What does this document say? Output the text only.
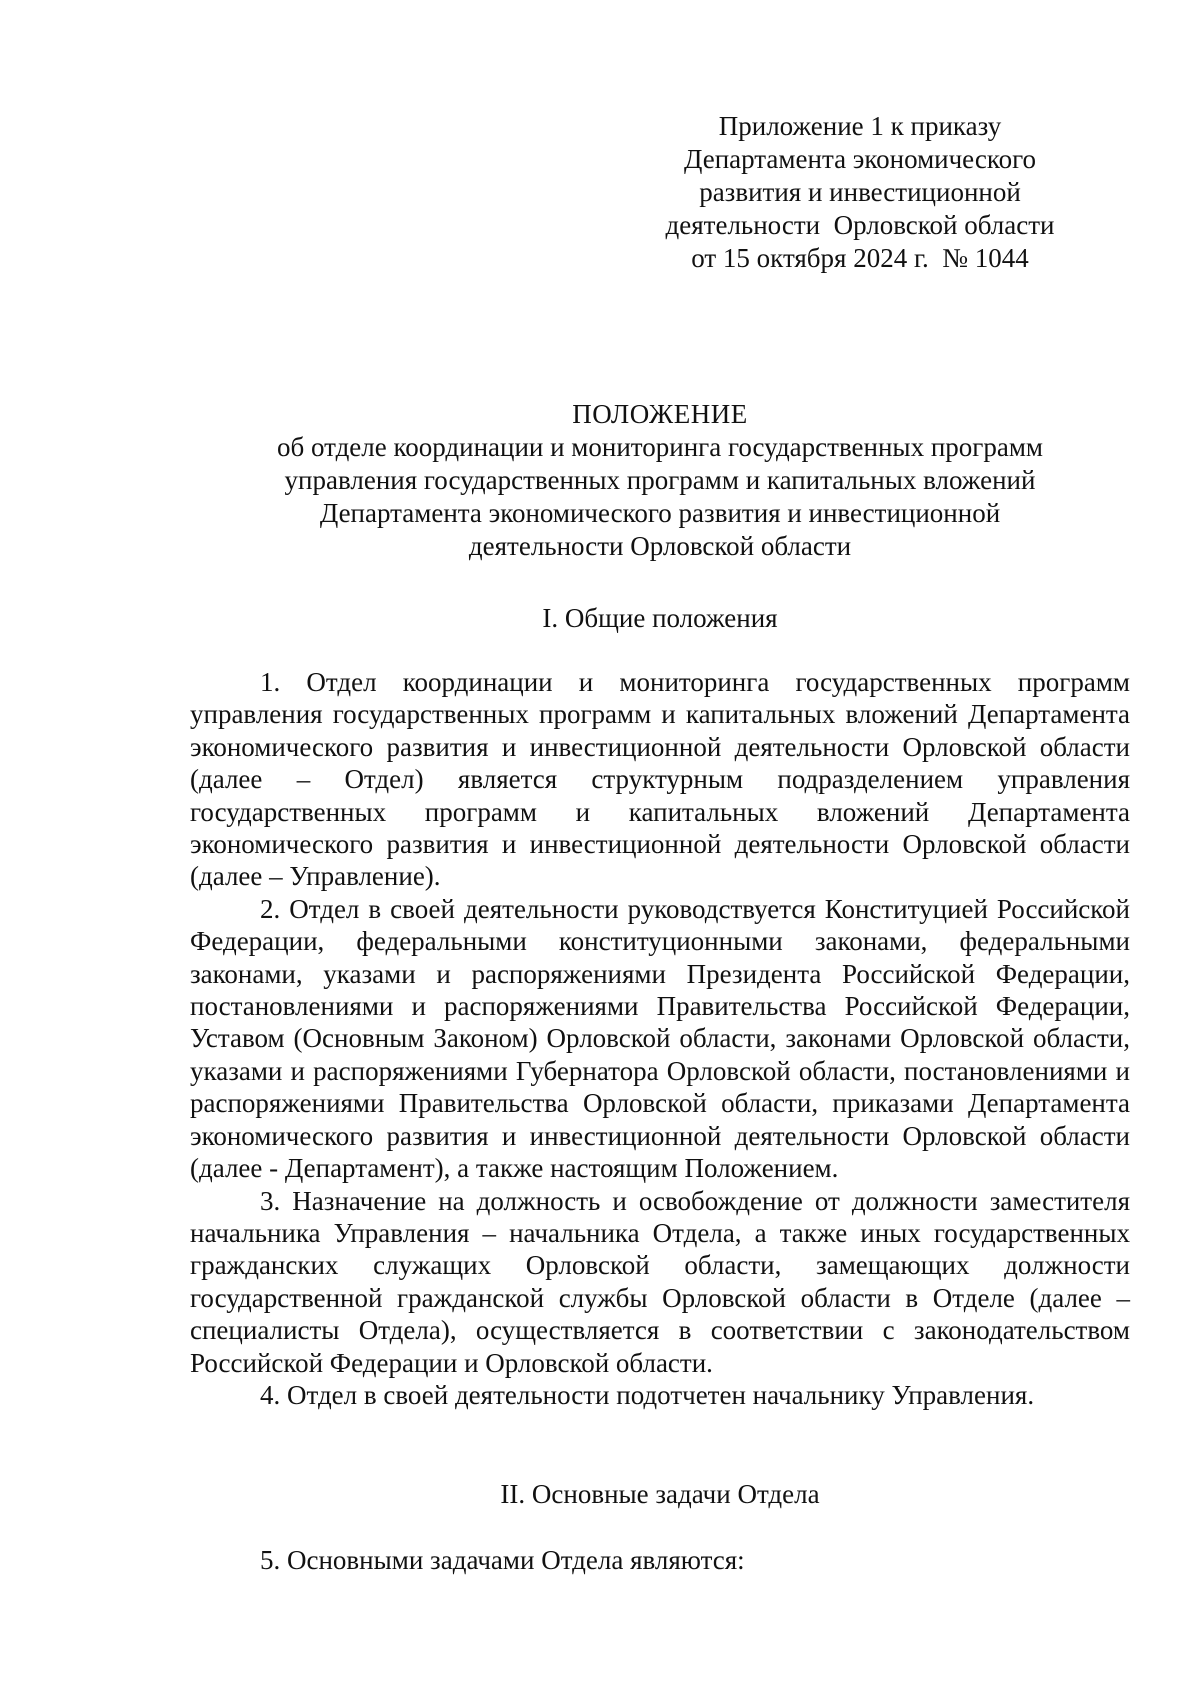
Приложение 1 к приказу
Департамента экономического
развития и инвестиционной
деятельности  Орловской области
от 15 октября 2024 г.  № 1044
ПОЛОЖЕНИЕ
об отделе координации и мониторинга государственных программ
управления государственных программ и капитальных вложений
Департамента экономического развития и инвестиционной
деятельности Орловской области
I. Общие положения

1. Отдел координации и мониторинга государственных программ управления государственных программ и капитальных вложений Департамента экономического развития и инвестиционной деятельности Орловской области (далее – Отдел) является структурным подразделением управления государственных программ и капитальных вложений Департамента экономического развития и инвестиционной деятельности Орловской области (далее – Управление).

2. Отдел в своей деятельности руководствуется Конституцией Российской Федерации, федеральными конституционными законами, федеральными законами, указами и распоряжениями Президента Российской Федерации, постановлениями и распоряжениями Правительства Российской Федерации, Уставом (Основным Законом) Орловской области, законами Орловской области, указами и распоряжениями Губернатора Орловской области, постановлениями и распоряжениями Правительства Орловской области, приказами Департамента экономического развития и инвестиционной деятельности Орловской области (далее - Департамент), а также настоящим Положением.

3. Назначение на должность и освобождение от должности заместителя начальника Управления – начальника Отдела, а также иных государственных гражданских служащих Орловской области, замещающих должности государственной гражданской службы Орловской области в Отделе (далее – специалисты Отдела), осуществляется в соответствии с законодательством Российской Федерации и Орловской области.

4. Отдел в своей деятельности подотчетен начальнику Управления.

II. Основные задачи Отдела

5. Основными задачами Отдела являются:
